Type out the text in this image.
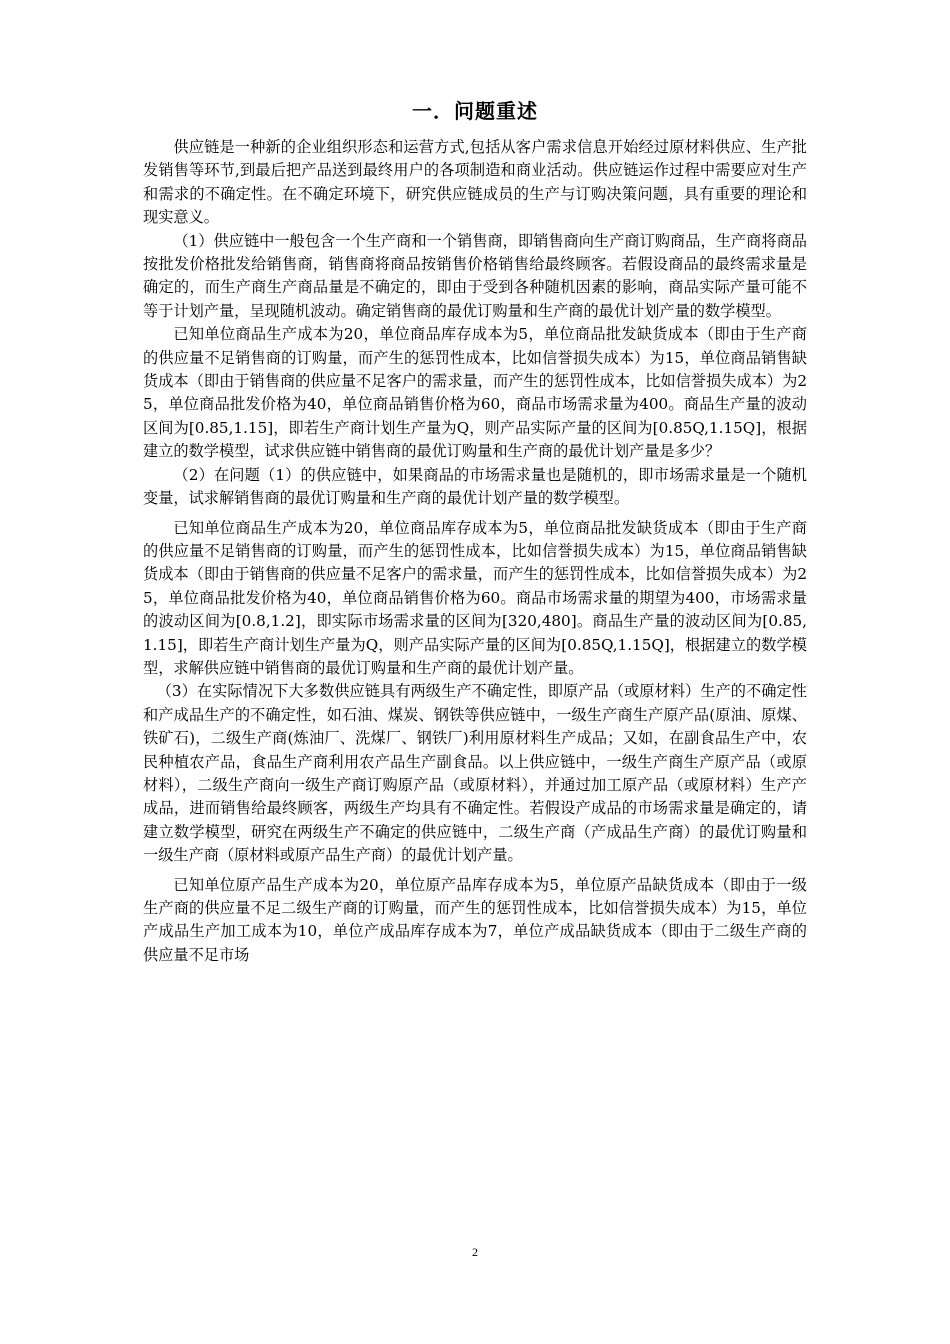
一．问题重述

供应链是一种新的企业组织形态和运营方式,包括从客户需求信息开始经过原材料供应、生产批发销售等环节,到最后把产品送到最终用户的各项制造和商业活动。供应链运作过程中需要应对生产和需求的不确定性。在不确定环境下，研究供应链成员的生产与订购决策问题，具有重要的理论和现实意义。

（1）供应链中一般包含一个生产商和一个销售商，即销售商向生产商订购商品，生产商将商品按批发价格批发给销售商，销售商将商品按销售价格销售给最终顾客。若假设商品的最终需求量是确定的，而生产商生产商品量是不确定的，即由于受到各种随机因素的影响，商品实际产量可能不等于计划产量，呈现随机波动。确定销售商的最优订购量和生产商的最优计划产量的数学模型。

已知单位商品生产成本为20，单位商品库存成本为5，单位商品批发缺货成本（即由于生产商的供应量不足销售商的订购量，而产生的惩罚性成本，比如信誉损失成本）为15，单位商品销售缺货成本（即由于销售商的供应量不足客户的需求量，而产生的惩罚性成本，比如信誉损失成本）为25，单位商品批发价格为40，单位商品销售价格为60，商品市场需求量为400。商品生产量的波动区间为[0.85,1.15]，即若生产商计划生产量为Q，则产品实际产量的区间为[0.85Q,1.15Q]，根据建立的数学模型，试求供应链中销售商的最优订购量和生产商的最优计划产量是多少？

（2）在问题（1）的供应链中，如果商品的市场需求量也是随机的，即市场需求量是一个随机变量，试求解销售商的最优订购量和生产商的最优计划产量的数学模型。

已知单位商品生产成本为20，单位商品库存成本为5，单位商品批发缺货成本（即由于生产商的供应量不足销售商的订购量，而产生的惩罚性成本，比如信誉损失成本）为15，单位商品销售缺货成本（即由于销售商的供应量不足客户的需求量，而产生的惩罚性成本，比如信誉损失成本）为25，单位商品批发价格为40，单位商品销售价格为60。商品市场需求量的期望为400，市场需求量的波动区间为[0.8,1.2]，即实际市场需求量的区间为[320,480]。商品生产量的波动区间为[0.85,1.15]，即若生产商计划生产量为Q，则产品实际产量的区间为[0.85Q,1.15Q]，根据建立的数学模型，求解供应链中销售商的最优订购量和生产商的最优计划产量。

（3）在实际情况下大多数供应链具有两级生产不确定性，即原产品（或原材料）生产的不确定性和产成品生产的不确定性，如石油、煤炭、钢铁等供应链中，一级生产商生产原产品(原油、原煤、铁矿石)，二级生产商(炼油厂、洗煤厂、钢铁厂)利用原材料生产成品；又如，在副食品生产中，农民种植农产品，食品生产商利用农产品生产副食品。以上供应链中，一级生产商生产原产品（或原材料），二级生产商向一级生产商订购原产品（或原材料），并通过加工原产品（或原材料）生产产成品，进而销售给最终顾客，两级生产均具有不确定性。若假设产成品的市场需求量是确定的，请建立数学模型，研究在两级生产不确定的供应链中，二级生产商（产成品生产商）的最优订购量和一级生产商（原材料或原产品生产商）的最优计划产量。

已知单位原产品生产成本为20，单位原产品库存成本为5，单位原产品缺货成本（即由于一级生产商的供应量不足二级生产商的订购量，而产生的惩罚性成本，比如信誉损失成本）为15，单位产成品生产加工成本为10，单位产成品库存成本为7，单位产成品缺货成本（即由于二级生产商的供应量不足市场

2
